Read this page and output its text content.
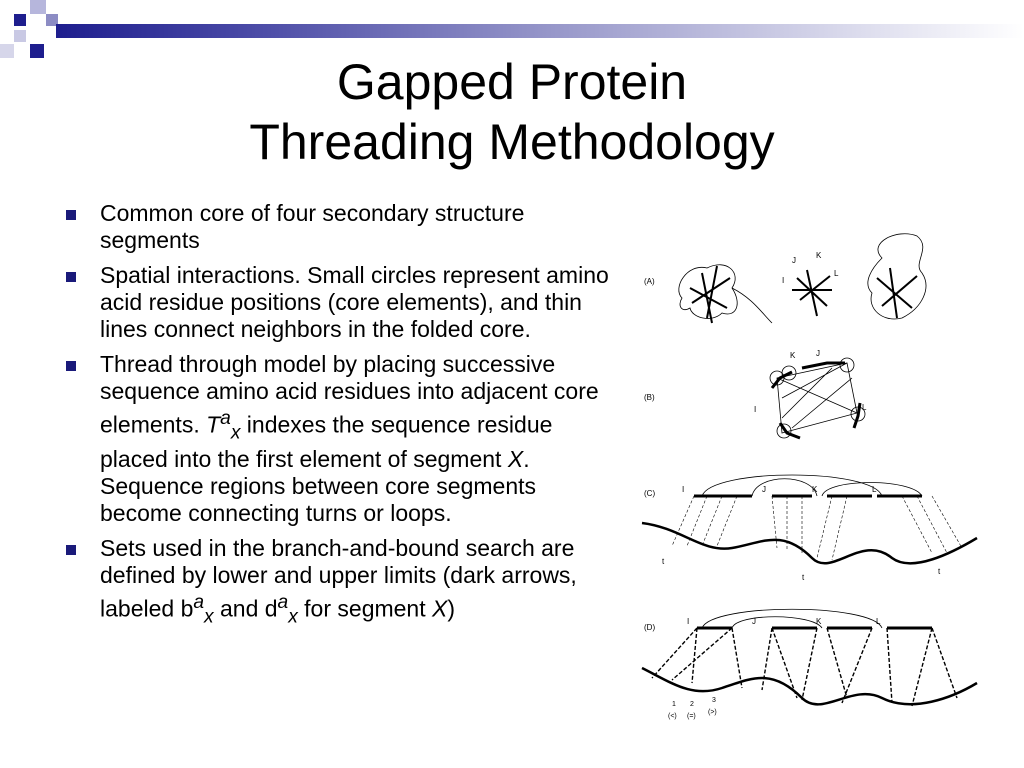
Gapped Protein
Threading Methodology
Common core of four secondary structure segments
Spatial interactions. Small circles represent amino acid residue positions (core elements), and thin lines connect neighbors in the folded core.
Thread through model by placing successive sequence amino acid residues into adjacent core elements. $T^a_x$ indexes the sequence residue placed into the first element of segment X. Sequence regions between core segments become connecting turns or loops.
Sets used in the branch-and-bound search are defined by lower and upper limits (dark arrows, labeled $b^a_x$ and $d^a_x$ for segment X)
(A)
J
K
I
L
(B)
K	J
I	L
(C)	I	J	K	L
t
t
t
(D)
I	J	K	L
1 2
3
(<) (=)
(>)
